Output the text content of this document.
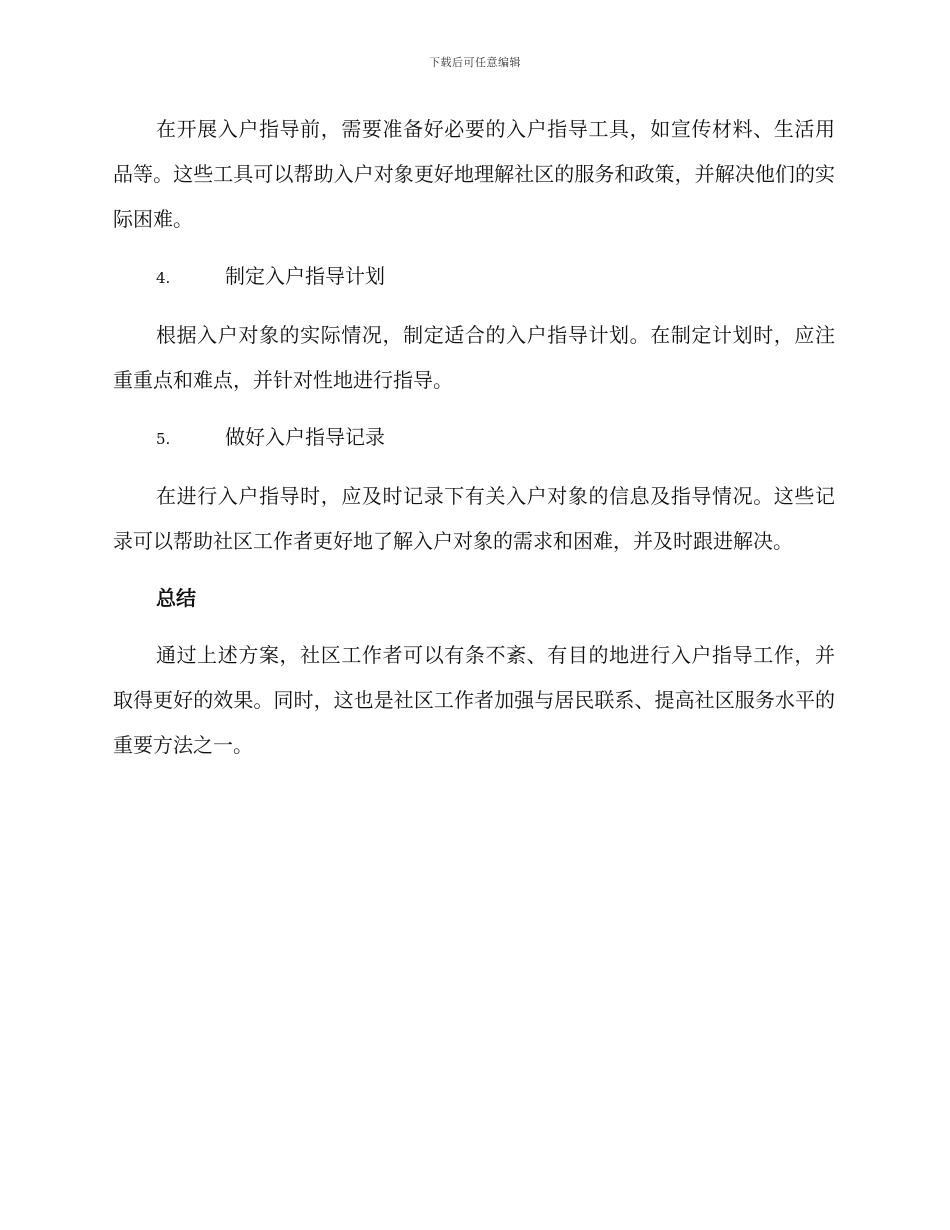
下载后可任意编辑

在开展入户指导前，需要准备好必要的入户指导工具，如宣传材料、生活用品等。这些工具可以帮助入户对象更好地理解社区的服务和政策，并解决他们的实际困难。

4.	制定入户指导计划

根据入户对象的实际情况，制定适合的入户指导计划。在制定计划时，应注重重点和难点，并针对性地进行指导。

5.	做好入户指导记录

在进行入户指导时，应及时记录下有关入户对象的信息及指导情况。这些记录可以帮助社区工作者更好地了解入户对象的需求和困难，并及时跟进解决。

总结

通过上述方案，社区工作者可以有条不紊、有目的地进行入户指导工作，并取得更好的效果。同时，这也是社区工作者加强与居民联系、提高社区服务水平的重要方法之一。
